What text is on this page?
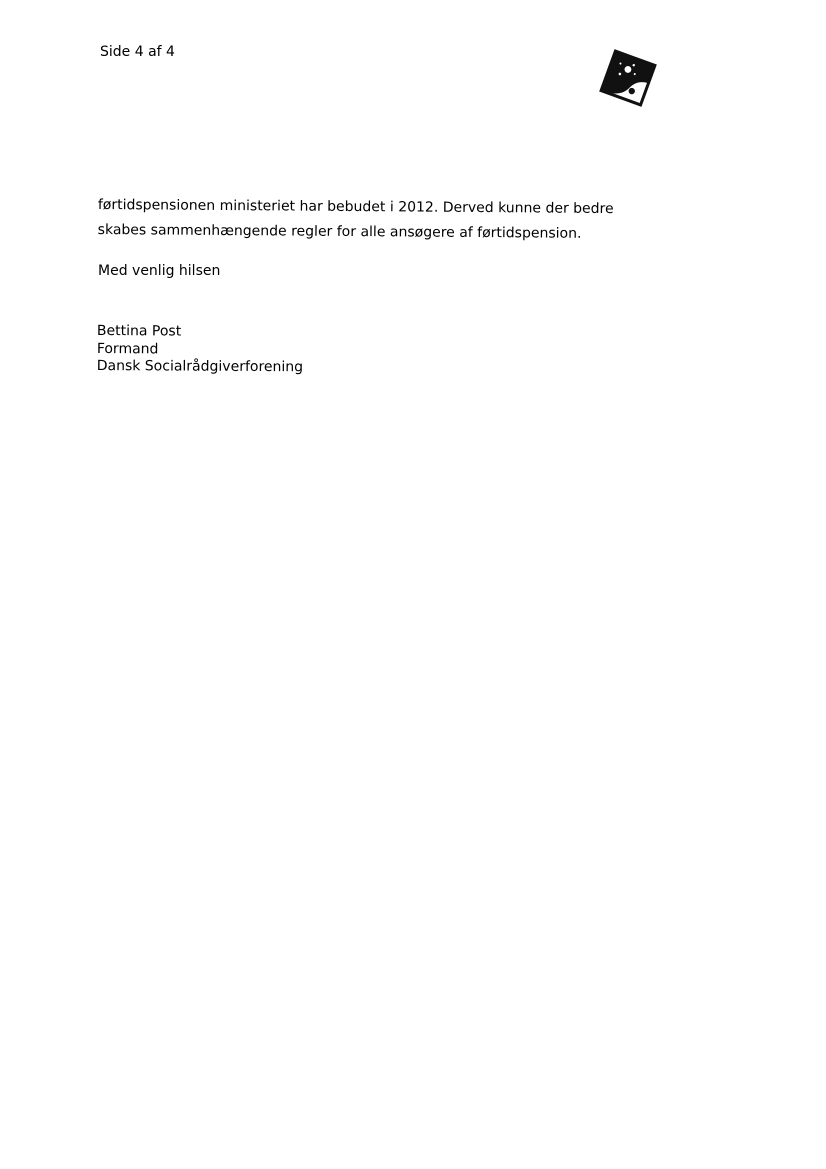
Side 4 af 4

førtidspensionen ministeriet har bebudet i 2012. Derved kunne der bedre

skabes sammenhængende regler for alle ansøgere af førtidspension.

Med venlig hilsen
Bettina Post
Formand
Dansk Socialrådgiverforening
